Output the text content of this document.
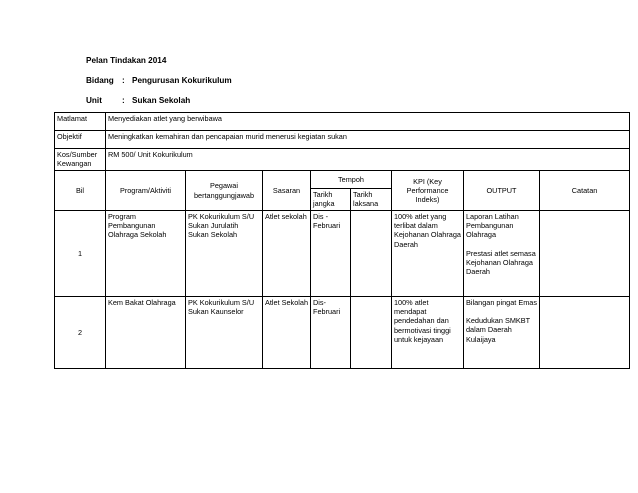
Pelan Tindakan 2014
Bidang : Pengurusan Kokurikulum
Unit : Sukan Sekolah
Matlamat	Menyediakan atlet yang berwibawa							
Objektif	Meningkatkan kemahiran dan pencapaian murid menerusi kegiatan sukan							
Kos/Sumber Kewangan	RM 500/ Unit Kokurikulum							
Bil	Program/Aktiviti	Pegawai bertanggungjawab	Sasaran	Tempoh		KPI (Key Performance Indeks)	OUTPUT	Catatan
				Tarikh jangka	Tarikh laksana			
1	Program Pembangunan Olahraga Sekolah	PK Kokurikulum S/U Sukan Jurulatih Sukan Sekolah	Atlet sekolah	Dis - Februari		100% atlet yang terlibat dalam Kejohanan Olahraga Daerah	Laporan Latihan Pembangunan Olahraga
Prestasi atlet semasa Kejohanan Olahraga Daerah	
2	Kem Bakat Olahraga	PK Kokurikulum S/U Sukan Kaunselor	Atlet Sekolah	Dis- Februari		100% atlet mendapat pendedahan dan bermotivasi tinggi untuk kejayaan	Bilangan pingat Emas
Kedudukan SMKBT dalam Daerah Kulaijaya	
